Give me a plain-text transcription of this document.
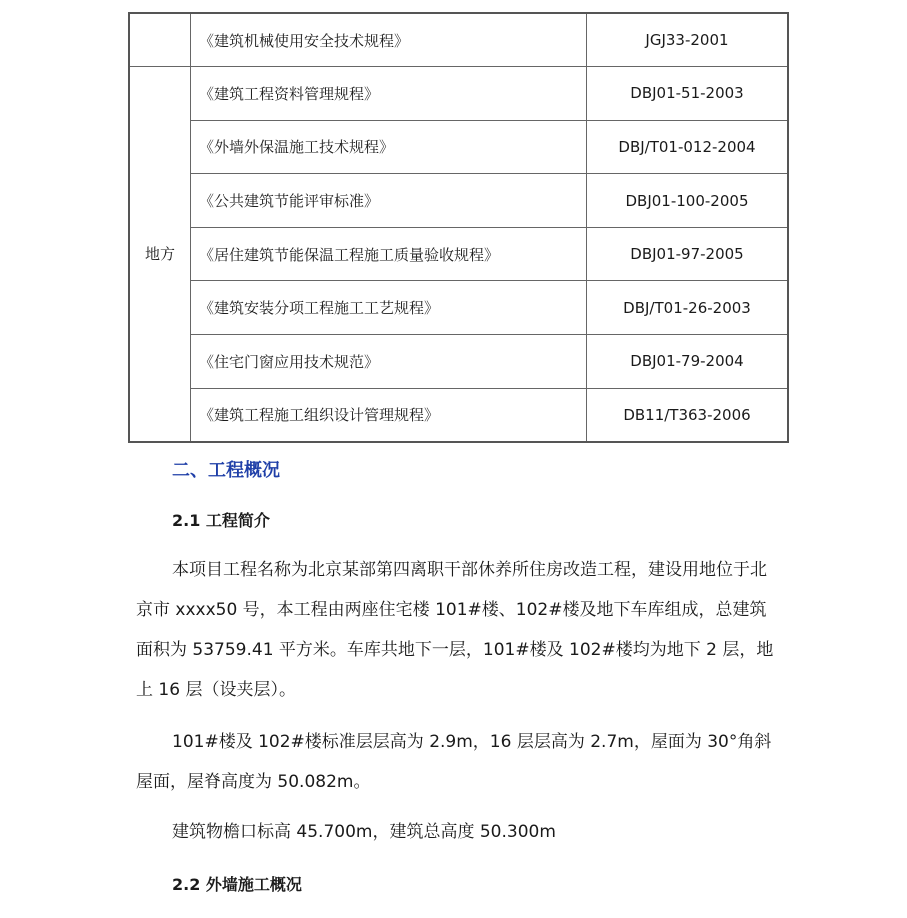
	《建筑机械使用安全技术规程》	JGJ33-2001
地方	《建筑工程资料管理规程》	DBJ01-51-2003
	《外墙外保温施工技术规程》	DBJ/T01-012-2004
	《公共建筑节能评审标准》	DBJ01-100-2005
	《居住建筑节能保温工程施工质量验收规程》	DBJ01-97-2005
	《建筑安装分项工程施工工艺规程》	DBJ/T01-26-2003
	《住宅门窗应用技术规范》	DBJ01-79-2004
	《建筑工程施工组织设计管理规程》	DB11/T363-2006
二、工程概况
2.1 工程简介

本项目工程名称为北京某部第四离职干部休养所住房改造工程，建设用地位于北京市 xxxx50 号，本工程由两座住宅楼 101#楼、102#楼及地下车库组成，总建筑面积为 53759.41 平方米。车库共地下一层，101#楼及 102#楼均为地下 2 层，地上 16 层（设夹层）。

101#楼及 102#楼标准层层高为 2.9m，16 层层高为 2.7m，屋面为 30°角斜屋面，屋脊高度为 50.082m。

建筑物檐口标高 45.700m，建筑总高度 50.300m

2.2 外墙施工概况
